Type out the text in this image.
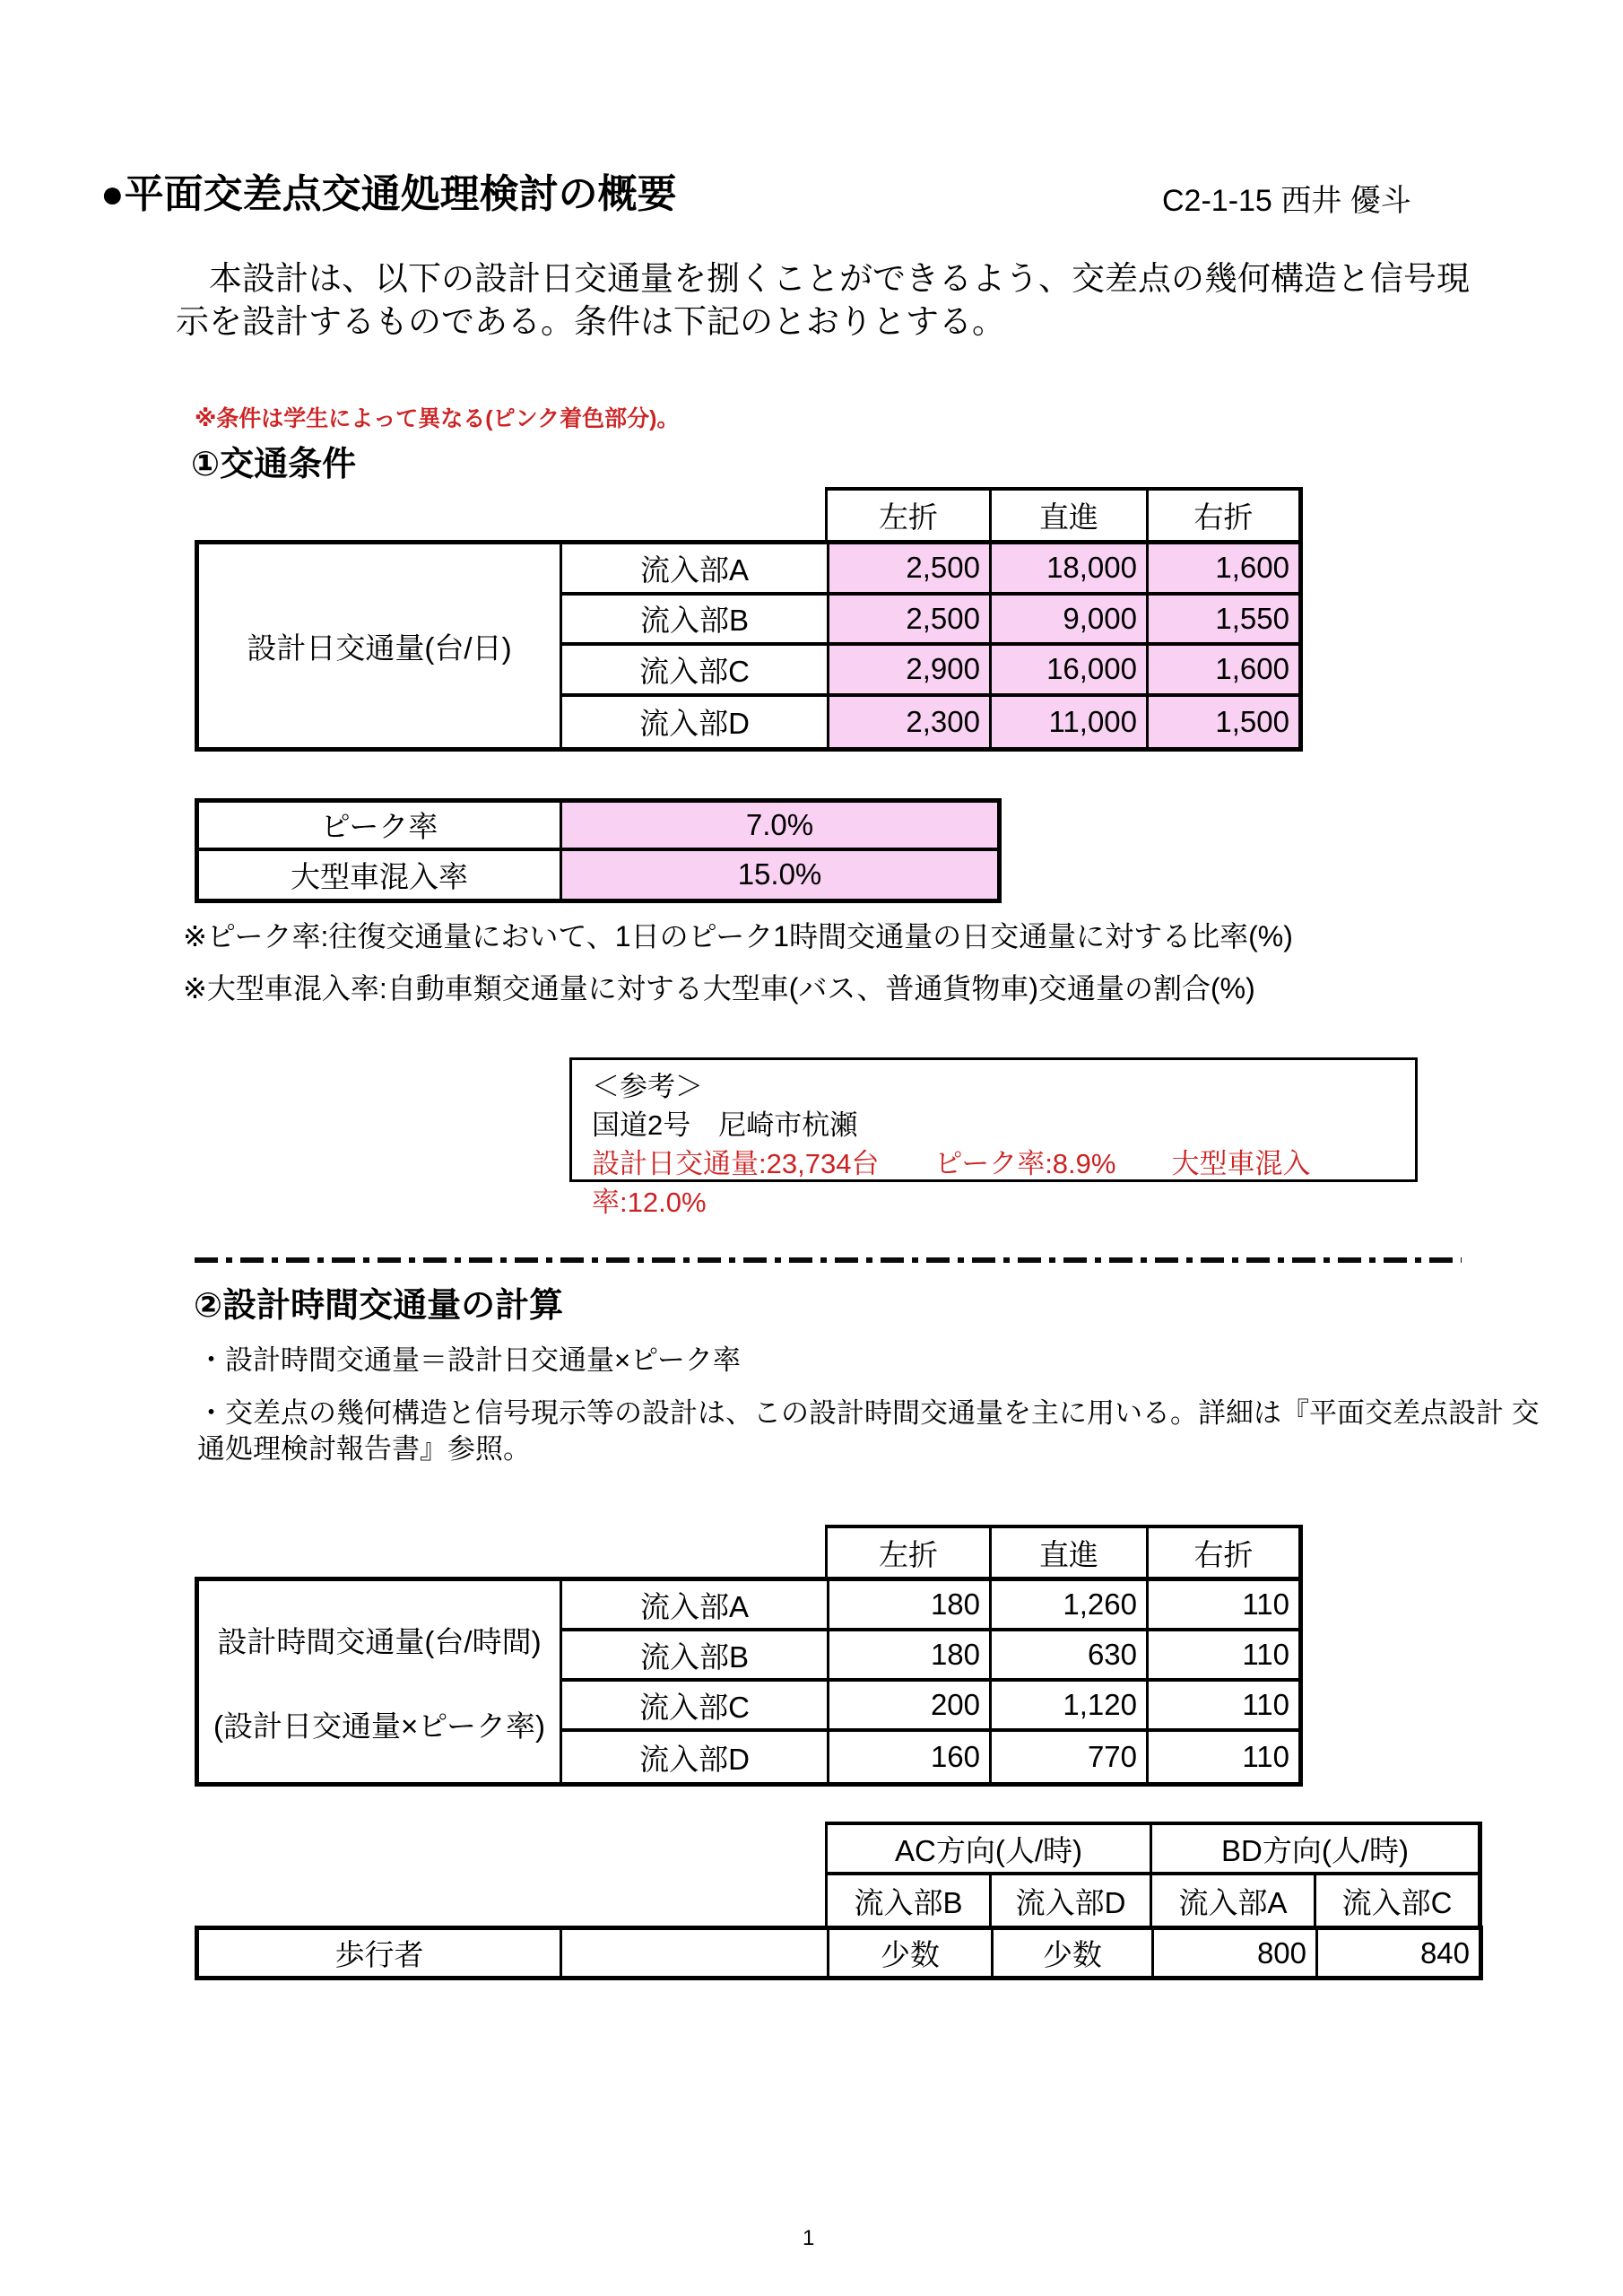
●平面交差点交通処理検討の概要	C2-1-15 西井 優斗
本設計は、以下の設計日交通量を捌くことができるよう、交差点の幾何構造と信号現示を設計するものである。条件は下記のとおりとする。
※条件は学生によって異なる(ピンク着色部分)。
①交通条件
左折	直進	右折
設計日交通量(台/日)
流入部A	2,500	18,000	1,600
流入部B	2,500	9,000	1,550
流入部C	2,900	16,000	1,600
流入部D	2,300	11,000	1,500
ピーク率	7.0%
大型車混入率	15.0%
※ピーク率:往復交通量において、1日のピーク1時間交通量の日交通量に対する比率(%)
※大型車混入率:自動車類交通量に対する大型車(バス、普通貨物車)交通量の割合(%)
＜参考＞
国道2号　尼崎市杭瀬
設計日交通量:23,734台　　ピーク率:8.9%　　大型車混入率:12.0%
②設計時間交通量の計算
・設計時間交通量＝設計日交通量×ピーク率
・交差点の幾何構造と信号現示等の設計は、この設計時間交通量を主に用いる。詳細は『平面交差点設計 交通処理検討報告書』参照。
左折	直進	右折
設計時間交通量(台/時間)
(設計日交通量×ピーク率)
流入部A	180	1,260	110
流入部B	180	630	110
流入部C	200	1,120	110
流入部D	160	770	110
AC方向(人/時)	BD方向(人/時)
流入部B	流入部D	流入部A	流入部C
歩行者	少数	少数	800	840
1
